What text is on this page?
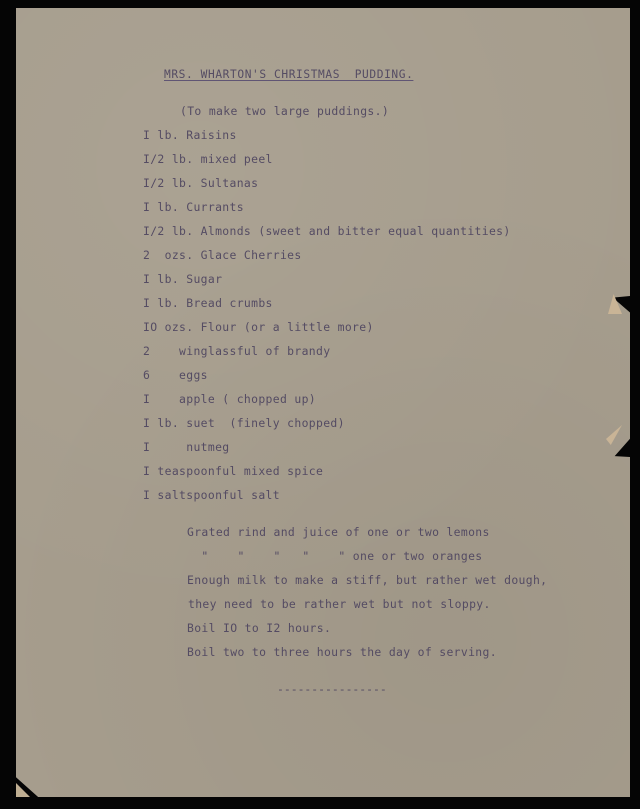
MRS. WHARTON'S CHRISTMAS  PUDDING.
(To make two large puddings.)
I lb. Raisins
I/2 lb. mixed peel
I/2 lb. Sultanas
I lb. Currants
I/2 lb. Almonds (sweet and bitter equal quantities)
2  ozs. Glace Cherries
I lb. Sugar
I lb. Bread crumbs
IO ozs. Flour (or a little more)
2    winglassful of brandy
6    eggs
I    apple ( chopped up)
I lb. suet  (finely chopped)
I     nutmeg
I teaspoonful mixed spice
I saltspoonful salt
Grated rind and juice of one or two lemons
"    "    "   "    " one or two oranges
Enough milk to make a stiff, but rather wet dough,
they need to be rather wet but not sloppy.
Boil IO to I2 hours.
Boil two to three hours the day of serving.
----------------
